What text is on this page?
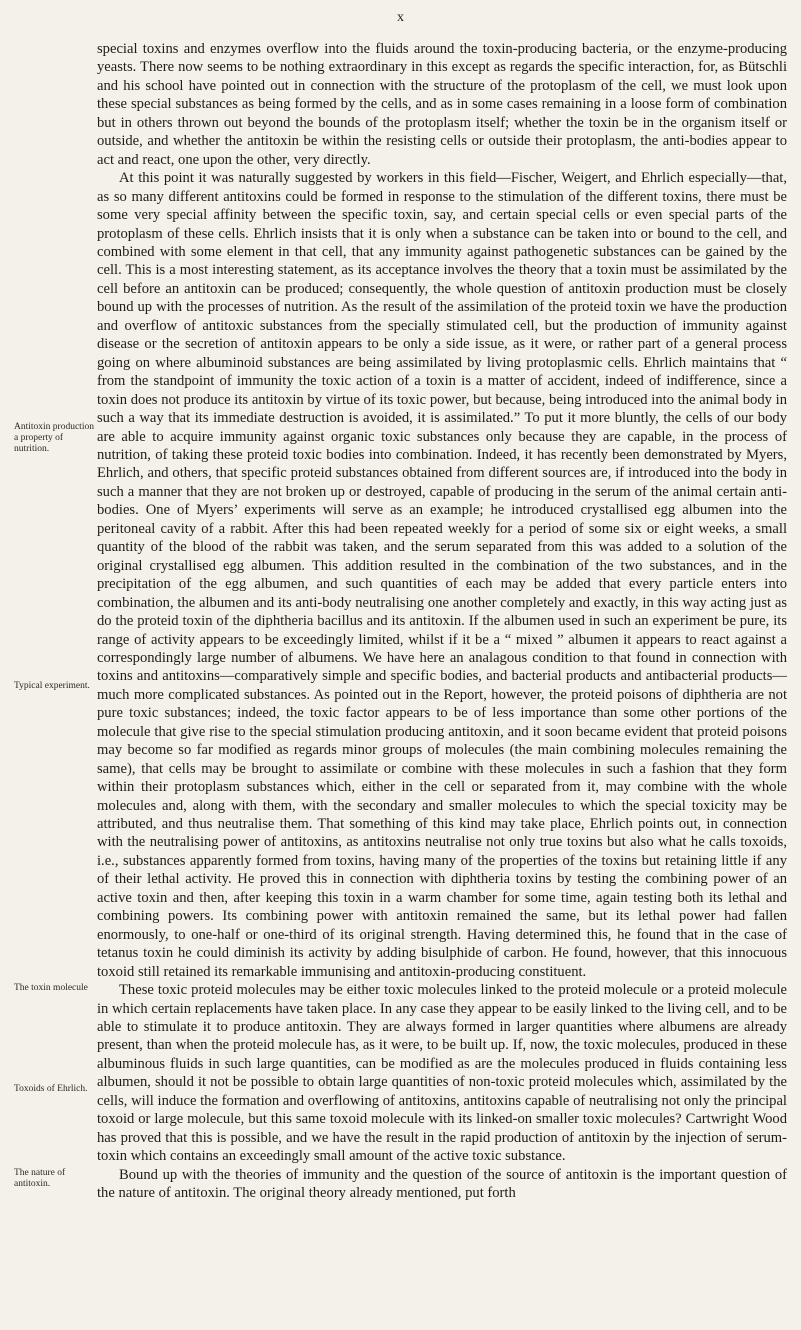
x
Antitoxin production a property of nutrition.
Typical experiment.
Toxoids of Ehrlich.
The toxin molecule
The nature of antitoxin.

special toxins and enzymes overflow into the fluids around the toxin-producing bacteria, or the enzyme-producing yeasts. There now seems to be nothing extraordinary in this except as regards the specific interaction, for, as Bütschli and his school have pointed out in connection with the structure of the protoplasm of the cell, we must look upon these special substances as being formed by the cells, and as in some cases remaining in a loose form of combination but in others thrown out beyond the bounds of the protoplasm itself; whether the toxin be in the organism itself or outside, and whether the antitoxin be within the resisting cells or outside their protoplasm, the anti-bodies appear to act and react, one upon the other, very directly.

At this point it was naturally suggested by workers in this field—Fischer, Weigert, and Ehrlich especially—that, as so many different antitoxins could be formed in response to the stimulation of the different toxins, there must be some very special affinity between the specific toxin, say, and certain special cells or even special parts of the protoplasm of these cells. Ehrlich insists that it is only when a substance can be taken into or bound to the cell, and combined with some element in that cell, that any immunity against pathogenetic substances can be gained by the cell. This is a most interesting statement, as its acceptance involves the theory that a toxin must be assimilated by the cell before an antitoxin can be produced; consequently, the whole question of antitoxin production must be closely bound up with the processes of nutrition. As the result of the assimilation of the proteid toxin we have the production and overflow of antitoxic substances from the specially stimulated cell, but the production of immunity against disease or the secretion of antitoxin appears to be only a side issue, as it were, or rather part of a general process going on where albuminoid substances are being assimilated by living protoplasmic cells. Ehrlich maintains that “ from the standpoint of immunity the toxic action of a toxin is a matter of accident, indeed of indifference, since a toxin does not produce its antitoxin by virtue of its toxic power, but because, being introduced into the animal body in such a way that its immediate destruction is avoided, it is assimilated.” To put it more bluntly, the cells of our body are able to acquire immunity against organic toxic substances only because they are capable, in the process of nutrition, of taking these proteid toxic bodies into combination. Indeed, it has recently been demonstrated by Myers, Ehrlich, and others, that specific proteid substances obtained from different sources are, if introduced into the body in such a manner that they are not broken up or destroyed, capable of producing in the serum of the animal certain anti-bodies. One of Myers’ experiments will serve as an example; he introduced crystallised egg albumen into the peritoneal cavity of a rabbit. After this had been repeated weekly for a period of some six or eight weeks, a small quantity of the blood of the rabbit was taken, and the serum separated from this was added to a solution of the original crystallised egg albumen. This addition resulted in the combination of the two substances, and in the precipitation of the egg albumen, and such quantities of each may be added that every particle enters into combination, the albumen and its anti-body neutralising one another completely and exactly, in this way acting just as do the proteid toxin of the diphtheria bacillus and its antitoxin. If the albumen used in such an experiment be pure, its range of activity appears to be exceedingly limited, whilst if it be a “ mixed ” albumen it appears to react against a correspondingly large number of albumens. We have here an analagous condition to that found in connection with toxins and antitoxins—comparatively simple and specific bodies, and bacterial products and antibacterial products—much more complicated substances. As pointed out in the Report, however, the proteid poisons of diphtheria are not pure toxic substances; indeed, the toxic factor appears to be of less importance than some other portions of the molecule that give rise to the special stimulation producing antitoxin, and it soon became evident that proteid poisons may become so far modified as regards minor groups of molecules (the main combining molecules remaining the same), that cells may be brought to assimilate or combine with these molecules in such a fashion that they form within their protoplasm substances which, either in the cell or separated from it, may combine with the whole molecules and, along with them, with the secondary and smaller molecules to which the special toxicity may be attributed, and thus neutralise them. That something of this kind may take place, Ehrlich points out, in connection with the neutralising power of antitoxins, as antitoxins neutralise not only true toxins but also what he calls toxoids, i.e., substances apparently formed from toxins, having many of the properties of the toxins but retaining little if any of their lethal activity. He proved this in connection with diphtheria toxins by testing the combining power of an active toxin and then, after keeping this toxin in a warm chamber for some time, again testing both its lethal and combining powers. Its combining power with antitoxin remained the same, but its lethal power had fallen enormously, to one-half or one-third of its original strength. Having determined this, he found that in the case of tetanus toxin he could diminish its activity by adding bisulphide of carbon. He found, however, that this innocuous toxoid still retained its remarkable immunising and antitoxin-producing constituent.

These toxic proteid molecules may be either toxic molecules linked to the proteid molecule or a proteid molecule in which certain replacements have taken place. In any case they appear to be easily linked to the living cell, and to be able to stimulate it to produce antitoxin. They are always formed in larger quantities where albumens are already present, than when the proteid molecule has, as it were, to be built up. If, now, the toxic molecules, produced in these albuminous fluids in such large quantities, can be modified as are the molecules produced in fluids containing less albumen, should it not be possible to obtain large quantities of non-toxic proteid molecules which, assimilated by the cells, will induce the formation and overflowing of antitoxins, antitoxins capable of neutralising not only the principal toxoid or large molecule, but this same toxoid molecule with its linked-on smaller toxic molecules? Cartwright Wood has proved that this is possible, and we have the result in the rapid production of antitoxin by the injection of serum-toxin which contains an exceedingly small amount of the active toxic substance.

Bound up with the theories of immunity and the question of the source of antitoxin is the important question of the nature of antitoxin. The original theory already mentioned, put forth
